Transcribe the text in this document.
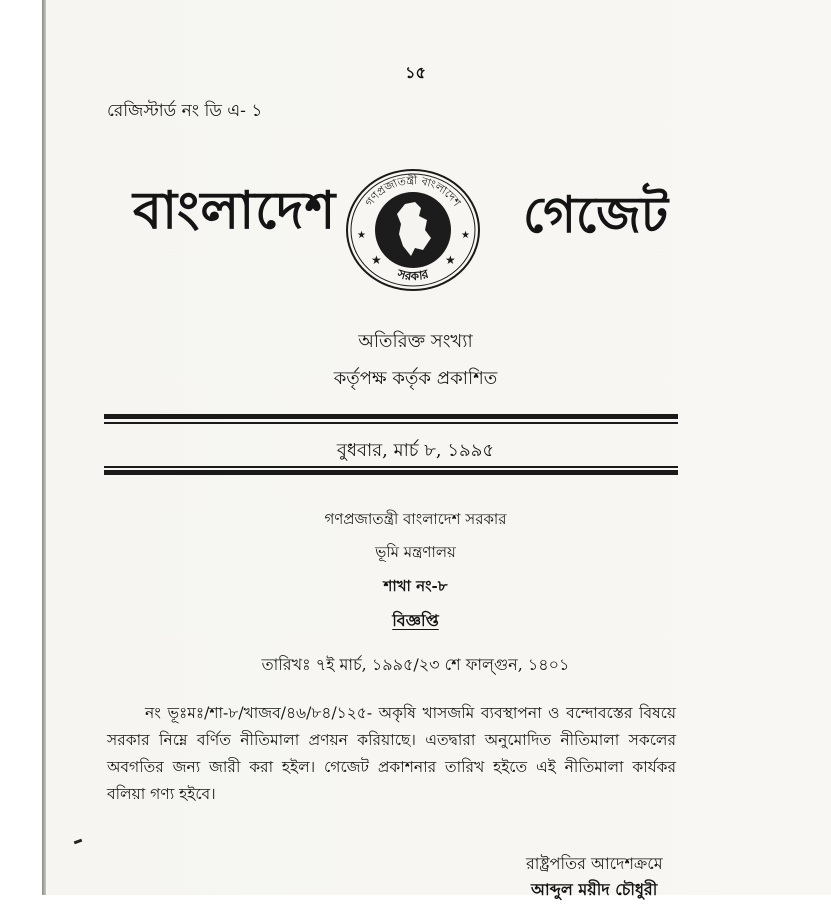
১৫
রেজিস্টার্ড নং ডি এ- ১
বাংলাদেশ গণপ্রজাতন্ত্রী বাংলাদেশ
সরকার
★	★
★	★ গেজেট
অতিরিক্ত সংখ্যা
কর্তৃপক্ষ কর্তৃক প্রকাশিত
বুধবার, মার্চ ৮, ১৯৯৫
গণপ্রজাতন্ত্রী বাংলাদেশ সরকার
ভূমি মন্ত্রণালয়
শাখা নং-৮
বিজ্ঞপ্তি
তারিখঃ ৭ই মার্চ, ১৯৯৫/২৩ শে ফাল্গুন, ১৪০১
নং ভূঃমঃ/শা-৮/খাজব/৪৬/৮৪/১২৫- অকৃষি খাসজমি ব্যবস্থাপনা ও বন্দোবস্তের বিষয়ে সরকার নিম্নে বর্ণিত নীতিমালা প্রণয়ন করিয়াছে। এতদ্বারা অনুমোদিত নীতিমালা সকলের অবগতির জন্য জারী করা হইল। গেজেট প্রকাশনার তারিখ হইতে এই নীতিমালা কার্যকর বলিয়া গণ্য হইবে।
রাষ্ট্রপতির আদেশক্রমে
আব্দুল ময়ীদ চৌধুরী
